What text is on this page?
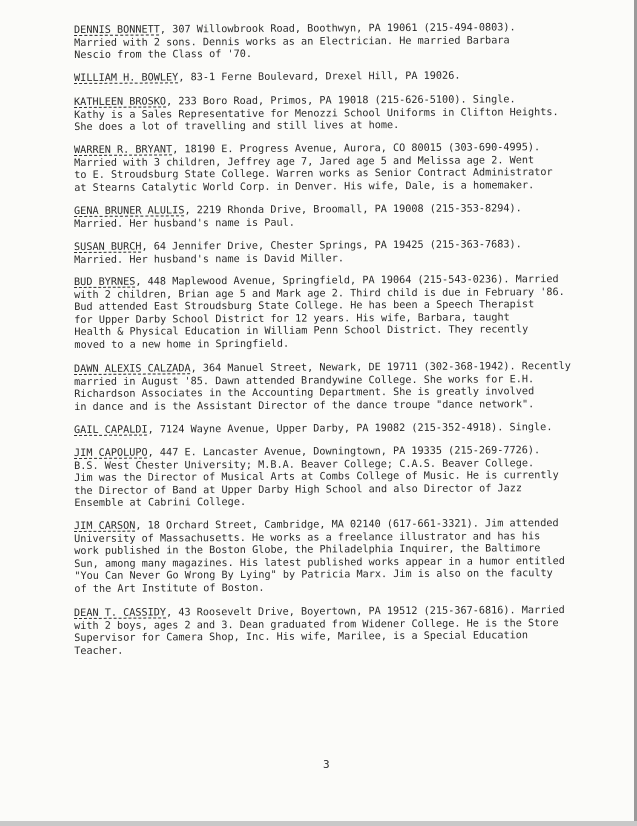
DENNIS BONNETT, 307 Willowbrook Road, Boothwyn, PA 19061 (215-494-0803).
Married with 2 sons. Dennis works as an Electrician. He married Barbara
Nescio from the Class of '70.

WILLIAM H. BOWLEY, 83-1 Ferne Boulevard, Drexel Hill, PA 19026.

KATHLEEN BROSKO, 233 Boro Road, Primos, PA 19018 (215-626-5100). Single.
Kathy is a Sales Representative for Menozzi School Uniforms in Clifton Heights.
She does a lot of travelling and still lives at home.

WARREN R. BRYANT, 18190 E. Progress Avenue, Aurora, CO 80015 (303-690-4995).
Married with 3 children, Jeffrey age 7, Jared age 5 and Melissa age 2. Went
to E. Stroudsburg State College. Warren works as Senior Contract Administrator
at Stearns Catalytic World Corp. in Denver. His wife, Dale, is a homemaker.

GENA BRUNER ALULIS, 2219 Rhonda Drive, Broomall, PA 19008 (215-353-8294).
Married. Her husband's name is Paul.

SUSAN BURCH, 64 Jennifer Drive, Chester Springs, PA 19425 (215-363-7683).
Married. Her husband's name is David Miller.

BUD BYRNES, 448 Maplewood Avenue, Springfield, PA 19064 (215-543-0236). Married
with 2 children, Brian age 5 and Mark age 2. Third child is due in February '86.
Bud attended East Stroudsburg State College. He has been a Speech Therapist
for Upper Darby School District for 12 years. His wife, Barbara, taught
Health & Physical Education in William Penn School District. They recently
moved to a new home in Springfield.

DAWN ALEXIS CALZADA, 364 Manuel Street, Newark, DE 19711 (302-368-1942). Recently
married in August '85. Dawn attended Brandywine College. She works for E.H.
Richardson Associates in the Accounting Department. She is greatly involved
in dance and is the Assistant Director of the dance troupe "dance network".

GAIL CAPALDI, 7124 Wayne Avenue, Upper Darby, PA 19082 (215-352-4918). Single.

JIM CAPOLUPO, 447 E. Lancaster Avenue, Downingtown, PA 19335 (215-269-7726).
B.S. West Chester University; M.B.A. Beaver College; C.A.S. Beaver College.
Jim was the Director of Musical Arts at Combs College of Music. He is currently
the Director of Band at Upper Darby High School and also Director of Jazz
Ensemble at Cabrini College.

JIM CARSON, 18 Orchard Street, Cambridge, MA 02140 (617-661-3321). Jim attended
University of Massachusetts. He works as a freelance illustrator and has his
work published in the Boston Globe, the Philadelphia Inquirer, the Baltimore
Sun, among many magazines. His latest published works appear in a humor entitled
"You Can Never Go Wrong By Lying" by Patricia Marx. Jim is also on the faculty
of the Art Institute of Boston.

DEAN T. CASSIDY, 43 Roosevelt Drive, Boyertown, PA 19512 (215-367-6816). Married
with 2 boys, ages 2 and 3. Dean graduated from Widener College. He is the Store
Supervisor for Camera Shop, Inc. His wife, Marilee, is a Special Education
Teacher.

3
